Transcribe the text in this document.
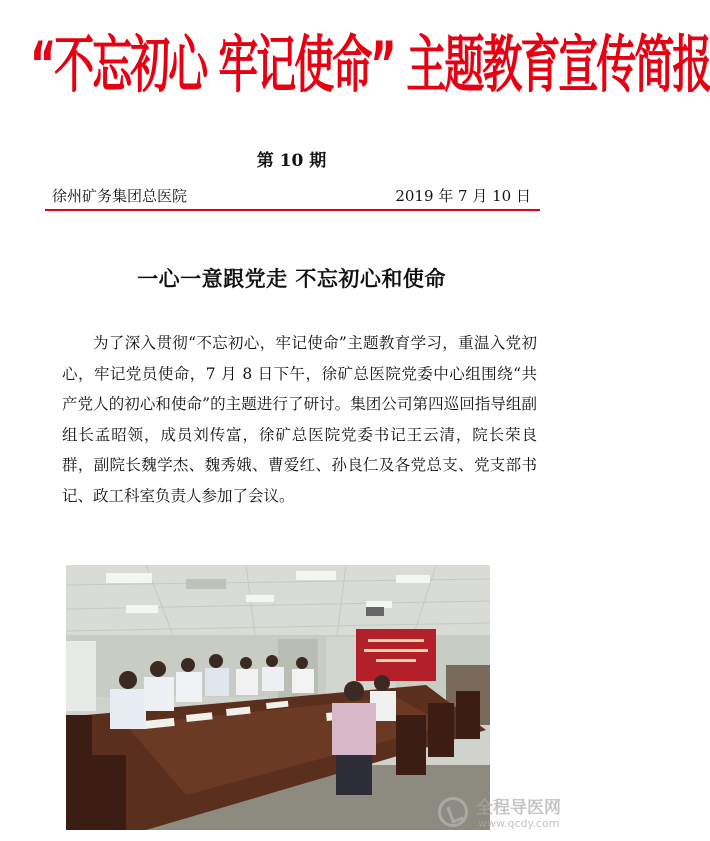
“不忘初心 牢记使命” 主题教育宣传简报
第 10 期
徐州矿务集团总医院	2019 年 7 月 10 日
一心一意跟党走 不忘初心和使命

为了深入贯彻“不忘初心，牢记使命”主题教育学习，重温入党初心，牢记党员使命，7 月 8 日下午，徐矿总医院党委中心组围绕“共产党人的初心和使命”的主题进行了研讨。集团公司第四巡回指导组副组长孟昭领，成员刘传富，徐矿总医院党委书记王云清，院长荣良群，副院长魏学杰、魏秀娥、曹爱红、孙良仁及各党总支、党支部书记、政工科室负责人参加了会议。

全程导医网
www.qcdy.com
